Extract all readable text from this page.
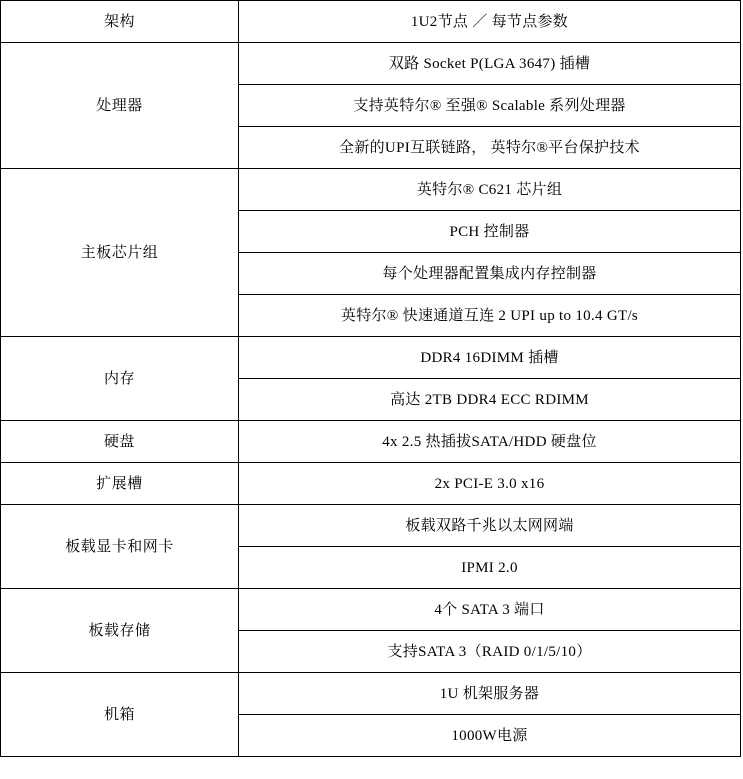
架构	1U2节点 ／ 每节点参数
处理器	双路 Socket P(LGA 3647) 插槽
	支持英特尔® 至强® Scalable 系列处理器
	全新的UPI互联链路， 英特尔®平台保护技术
主板芯片组	英特尔® C621 芯片组
	PCH 控制器
	每个处理器配置集成内存控制器
	英特尔® 快速通道互连 2 UPI up to 10.4 GT/s
内存	DDR4 16DIMM 插槽
	高达 2TB DDR4 ECC RDIMM
硬盘	4x 2.5 热插拔SATA/HDD 硬盘位
扩展槽	2x PCI-E 3.0 x16
板载显卡和网卡	板载双路千兆以太网网端
	IPMI 2.0
板载存储	4个 SATA 3 端口
	支持SATA 3（RAID 0/1/5/10）
机箱	1U 机架服务器
	1000W电源
